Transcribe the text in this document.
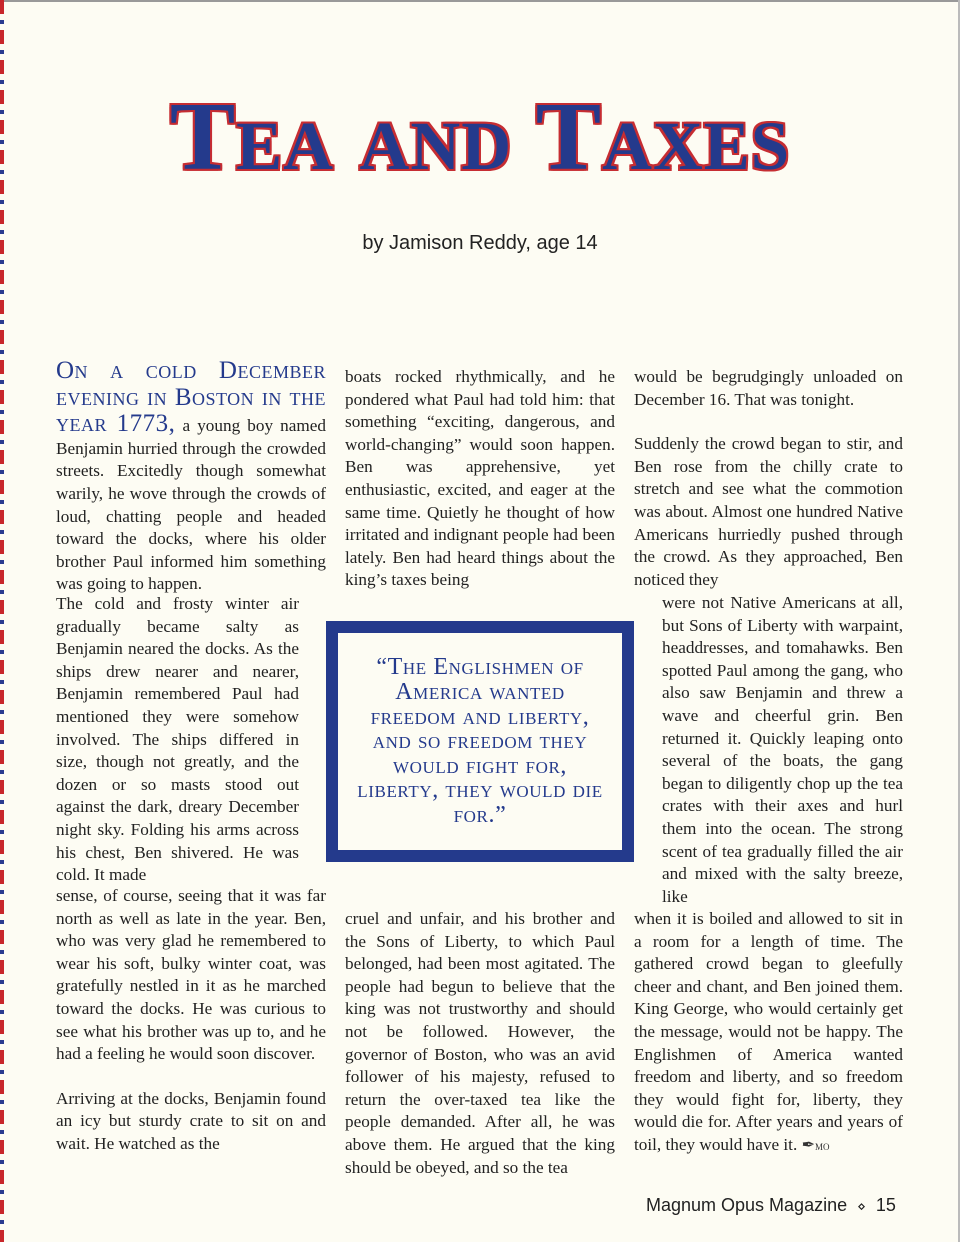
Tea and Taxes
by Jamison Reddy, age 14

On a cold December evening in Boston in the year 1773, a young boy named Benjamin hurried through the crowded streets. Excitedly though somewhat warily, he wove through the crowds of loud, chatting people and headed toward the docks, where his older brother Paul informed him something was going to happen.

The cold and frosty winter air gradually became salty as Benjamin neared the docks. As the ships drew nearer and nearer, Benjamin remembered Paul had mentioned they were somehow involved. The ships differed in size, though not greatly, and the dozen or so masts stood out against the dark, dreary December night sky. Folding his arms across his chest, Ben shivered. He was cold. It made

sense, of course, seeing that it was far north as well as late in the year. Ben, who was very glad he remembered to wear his soft, bulky winter coat, was gratefully nestled in it as he marched toward the docks. He was curious to see what his brother was up to, and he had a feeling he would soon discover.

Arriving at the docks, Benjamin found an icy but sturdy crate to sit on and wait. He watched as the

boats rocked rhythmically, and he pondered what Paul had told him: that something “exciting, dangerous, and world-changing” would soon happen. Ben was apprehensive, yet enthusiastic, excited, and eager at the same time. Quietly he thought of how irritated and indignant people had been lately. Ben had heard things about the king’s taxes being

cruel and unfair, and his brother and the Sons of Liberty, to which Paul belonged, had been most agitated. The people had begun to believe that the king was not trustworthy and should not be followed. However, the governor of Boston, who was an avid follower of his majesty, refused to return the over-taxed tea like the people demanded. After all, he was above them. He argued that the king should be obeyed, and so the tea

would be begrudgingly unloaded on December 16. That was tonight.

Suddenly the crowd began to stir, and Ben rose from the chilly crate to stretch and see what the commotion was about. Almost one hundred Native Americans hurriedly pushed through the crowd. As they approached, Ben noticed they

were not Native Americans at all, but Sons of Liberty with warpaint, headdresses, and tomahawks. Ben spotted Paul among the gang, who also saw Benjamin and threw a wave and cheerful grin. Ben returned it. Quickly leaping onto several of the boats, the gang began to diligently chop up the tea crates with their axes and hurl them into the ocean. The strong scent of tea gradually filled the air and mixed with the salty breeze, like

when it is boiled and allowed to sit in a room for a length of time. The gathered crowd began to gleefully cheer and chant, and Ben joined them. King George, who would certainly get the message, would not be happy. The Englishmen of America wanted freedom and liberty, and so freedom they would fight for, liberty, they would die for. After years and years of toil, they would have it. ✒MO

“The Englishmen of America wanted freedom and liberty, and so freedom they would fight for, liberty, they would die for.”
Magnum Opus Magazine ⋄ 15
